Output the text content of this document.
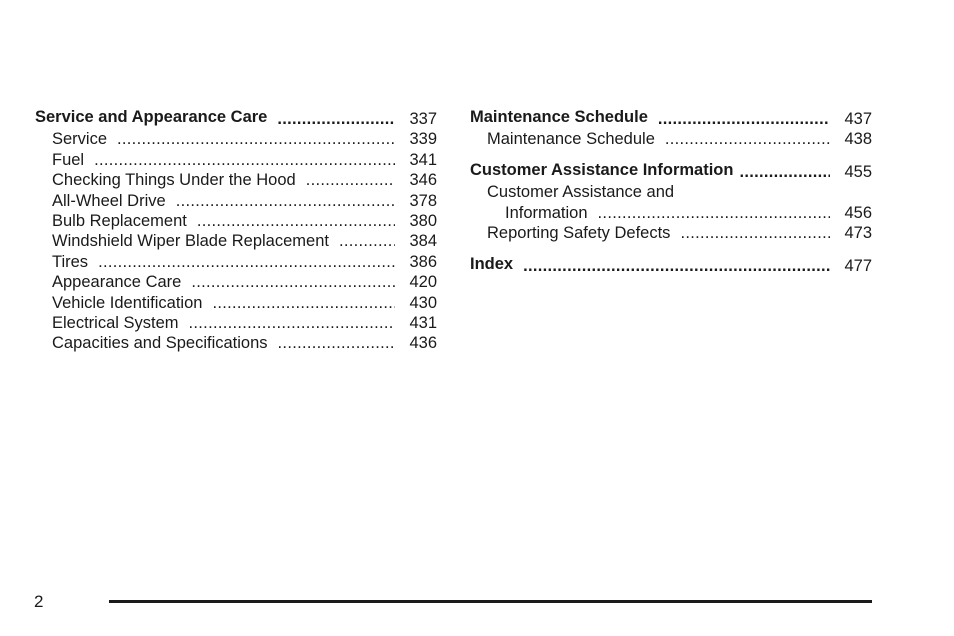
Service and Appearance Care .....	337
Service .....	339
Fuel .....	341
Checking Things Under the Hood .....	346
All-Wheel Drive .....	378
Bulb Replacement .....	380
Windshield Wiper Blade Replacement .....	384
Tires .....	386
Appearance Care .....	420
Vehicle Identification .....	430
Electrical System .....	431
Capacities and Specifications .....	436
Maintenance Schedule .....	437
Maintenance Schedule .....	438
Customer Assistance Information .....	455
Customer Assistance and
Information .....	456
Reporting Safety Defects .....	473
Index .....	477
2
